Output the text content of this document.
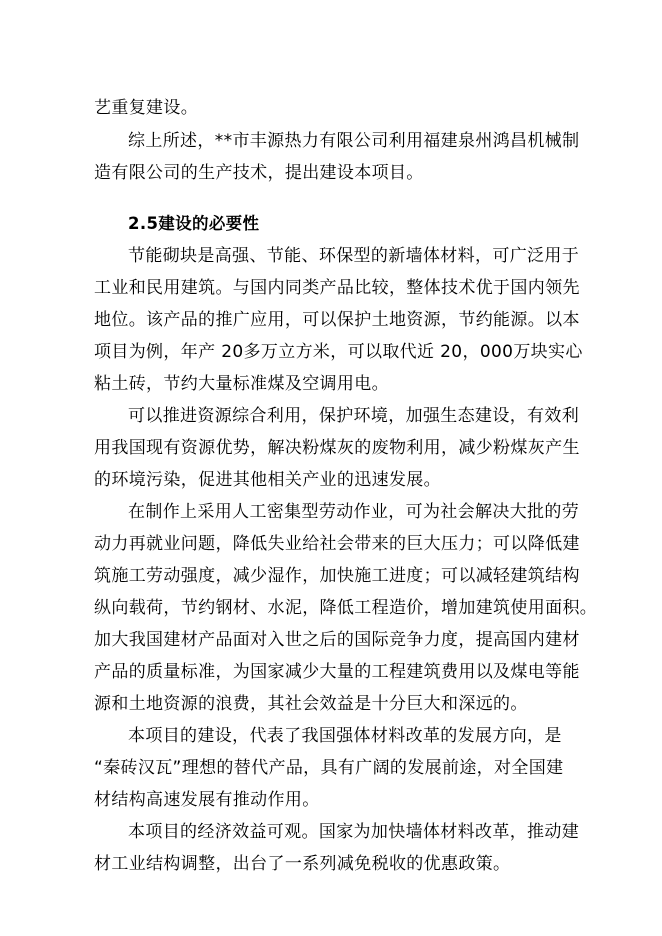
艺重复建设。
综上所述，**市丰源热力有限公司利用福建泉州鸿昌机械制
造有限公司的生产技术，提出建设本项目。
2.5建设的必要性
节能砌块是高强、节能、环保型的新墙体材料，可广泛用于
工业和民用建筑。与国内同类产品比较，整体技术优于国内领先
地位。该产品的推广应用，可以保护土地资源，节约能源。以本
项目为例，年产 20多万立方米，可以取代近 20，000万块实心
粘土砖，节约大量标准煤及空调用电。
可以推进资源综合利用，保护环境，加强生态建设，有效利
用我国现有资源优势，解决粉煤灰的废物利用，减少粉煤灰产生
的环境污染，促进其他相关产业的迅速发展。
在制作上采用人工密集型劳动作业，可为社会解决大批的劳
动力再就业问题，降低失业给社会带来的巨大压力；可以降低建
筑施工劳动强度，减少湿作，加快施工进度；可以减轻建筑结构
纵向载荷，节约钢材、水泥，降低工程造价，增加建筑使用面积。
加大我国建材产品面对入世之后的国际竞争力度，提高国内建材
产品的质量标准，为国家减少大量的工程建筑费用以及煤电等能
源和土地资源的浪费，其社会效益是十分巨大和深远的。
本项目的建设，代表了我国强体材料改革的发展方向，是
“秦砖汉瓦”理想的替代产品，具有广阔的发展前途，对全国建
材结构高速发展有推动作用。
本项目的经济效益可观。国家为加快墙体材料改革，推动建
材工业结构调整，出台了一系列减免税收的优惠政策。
